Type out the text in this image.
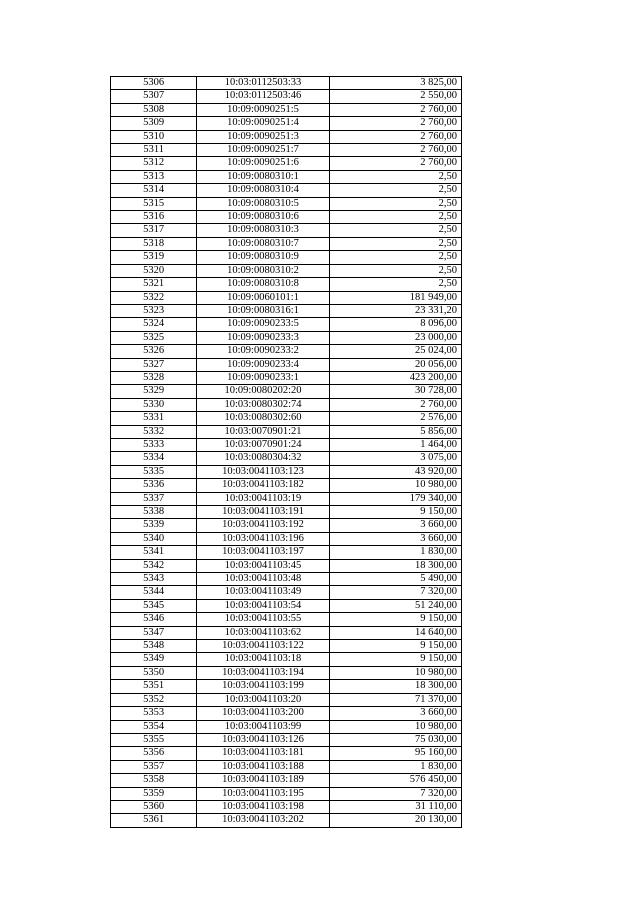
5306	10:03:0112503:33	3 825,00
5307	10:03:0112503:46	2 550,00
5308	10:09:0090251:5	2 760,00
5309	10:09:0090251:4	2 760,00
5310	10:09:0090251:3	2 760,00
5311	10:09:0090251:7	2 760,00
5312	10:09:0090251:6	2 760,00
5313	10:09:0080310:1	2,50
5314	10:09:0080310:4	2,50
5315	10:09:0080310:5	2,50
5316	10:09:0080310:6	2,50
5317	10:09:0080310:3	2,50
5318	10:09:0080310:7	2,50
5319	10:09:0080310:9	2,50
5320	10:09:0080310:2	2,50
5321	10:09:0080310:8	2,50
5322	10:09:0060101:1	181 949,00
5323	10:09:0080316:1	23 331,20
5324	10:09:0090233:5	8 096,00
5325	10:09:0090233:3	23 000,00
5326	10:09:0090233:2	25 024,00
5327	10:09:0090233:4	20 056,00
5328	10:09:0090233:1	423 200,00
5329	10:09:0080202:20	30 728,00
5330	10:03:0080302:74	2 760,00
5331	10:03:0080302:60	2 576,00
5332	10:03:0070901:21	5 856,00
5333	10:03:0070901:24	1 464,00
5334	10:03:0080304:32	3 075,00
5335	10:03:0041103:123	43 920,00
5336	10:03:0041103:182	10 980,00
5337	10:03:0041103:19	179 340,00
5338	10:03:0041103:191	9 150,00
5339	10:03:0041103:192	3 660,00
5340	10:03:0041103:196	3 660,00
5341	10:03:0041103:197	1 830,00
5342	10:03:0041103:45	18 300,00
5343	10:03:0041103:48	5 490,00
5344	10:03:0041103:49	7 320,00
5345	10:03:0041103:54	51 240,00
5346	10:03:0041103:55	9 150,00
5347	10:03:0041103:62	14 640,00
5348	10:03:0041103:122	9 150,00
5349	10:03:0041103:18	9 150,00
5350	10:03:0041103:194	10 980,00
5351	10:03:0041103:199	18 300,00
5352	10:03:0041103:20	71 370,00
5353	10:03:0041103:200	3 660,00
5354	10:03:0041103:99	10 980,00
5355	10:03:0041103:126	75 030,00
5356	10:03:0041103:181	95 160,00
5357	10:03:0041103:188	1 830,00
5358	10:03:0041103:189	576 450,00
5359	10:03:0041103:195	7 320,00
5360	10:03:0041103:198	31 110,00
5361	10:03:0041103:202	20 130,00
